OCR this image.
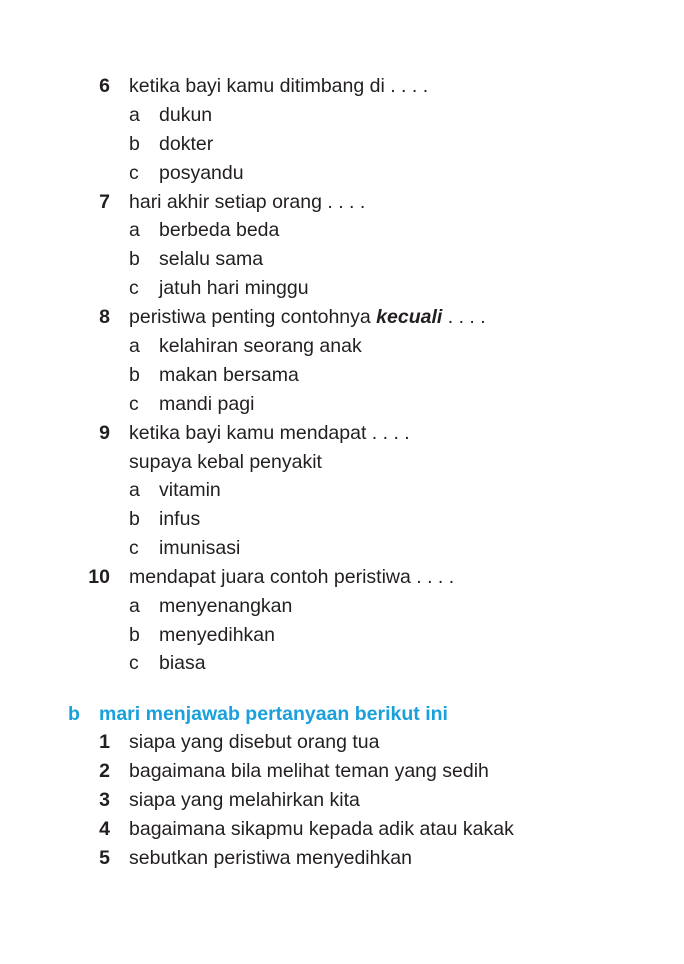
6 ketika bayi kamu ditimbang di . . . .
a dukun
b dokter
c posyandu
7 hari akhir setiap orang . . . .
a berbeda beda
b selalu sama
c jatuh hari minggu
8 peristiwa penting contohnya kecuali . . . .
a kelahiran seorang anak
b makan bersama
c mandi pagi
9 ketika bayi kamu mendapat . . . .
supaya kebal penyakit
a vitamin
b infus
c imunisasi
10 mendapat juara contoh peristiwa . . . .
a menyenangkan
b menyedihkan
c biasa
b mari menjawab pertanyaan berikut ini
1 siapa yang disebut orang tua
2 bagaimana bila melihat teman yang sedih
3 siapa yang melahirkan kita
4 bagaimana sikapmu kepada adik atau kakak
5 sebutkan peristiwa menyedihkan
